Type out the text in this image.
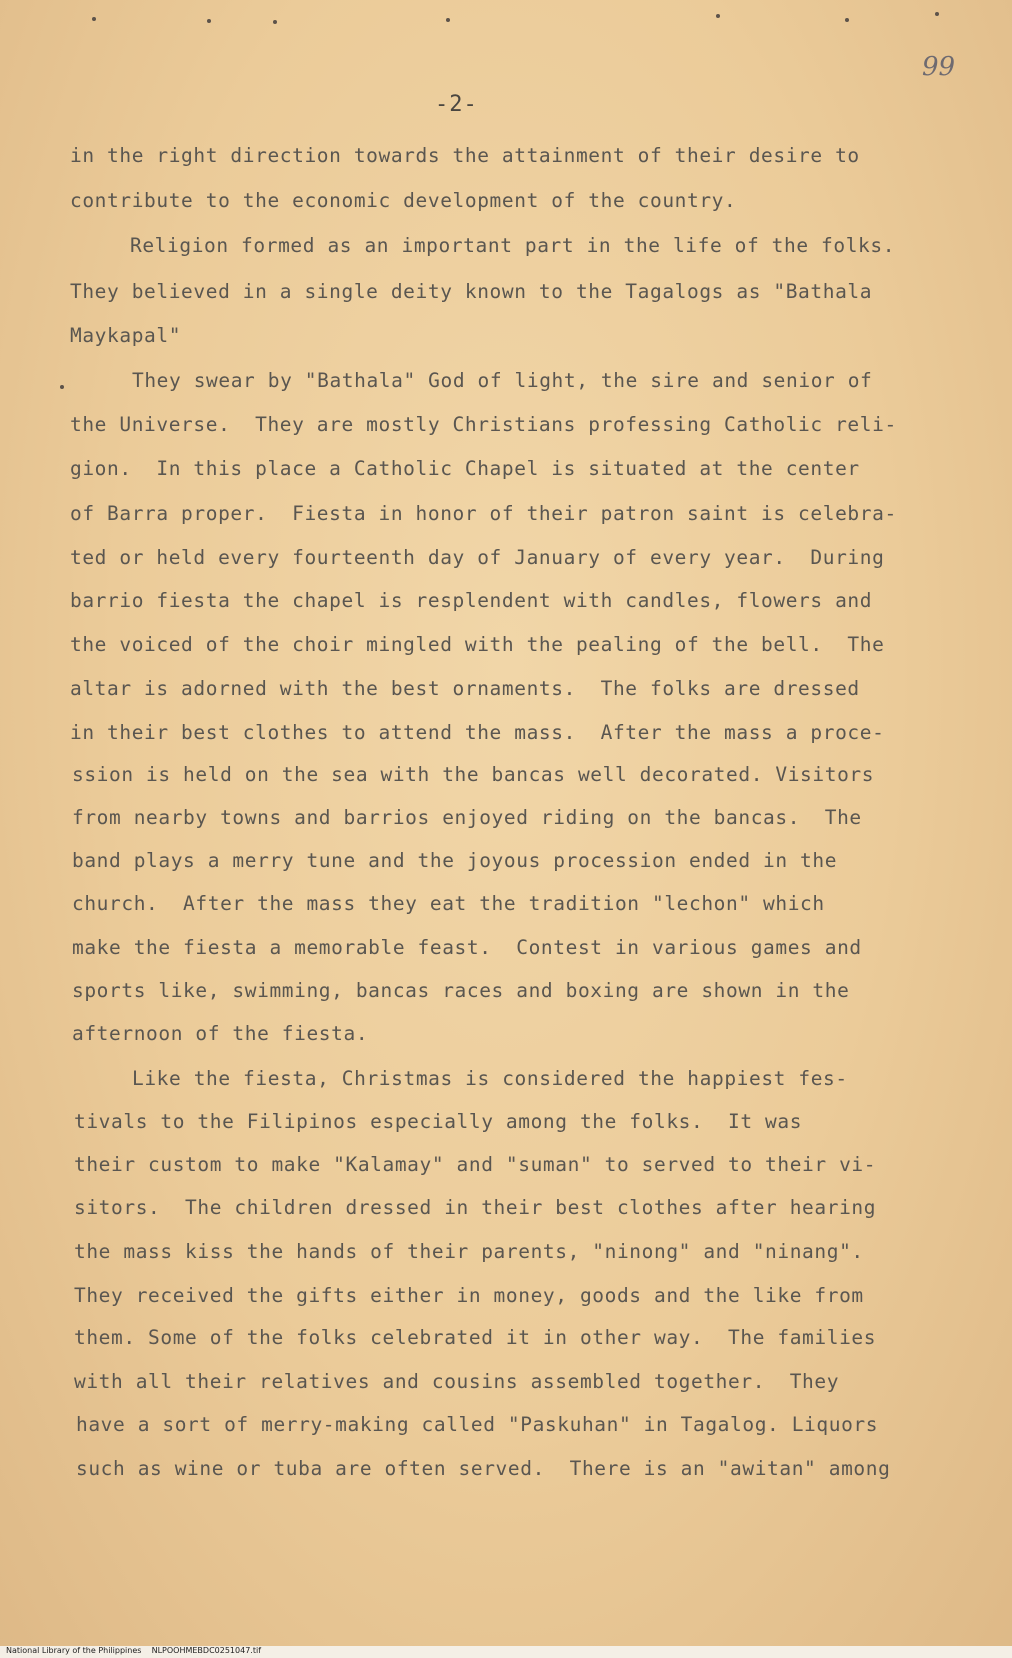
-2-
99
in the right direction towards the attainment of their desire to
contribute to the economic development of the country.
Religion formed as an important part in the life of the folks.
They believed in a single deity known to the Tagalogs as "Bathala
Maykapal"
They swear by "Bathala" God of light, the sire and senior of
the Universe.  They are mostly Christians professing Catholic reli-
gion.  In this place a Catholic Chapel is situated at the center
of Barra proper.  Fiesta in honor of their patron saint is celebra-
ted or held every fourteenth day of January of every year.  During
barrio fiesta the chapel is resplendent with candles, flowers and
the voiced of the choir mingled with the pealing of the bell.  The
altar is adorned with the best ornaments.  The folks are dressed
in their best clothes to attend the mass.  After the mass a proce-
ssion is held on the sea with the bancas well decorated. Visitors
from nearby towns and barrios enjoyed riding on the bancas.  The
band plays a merry tune and the joyous procession ended in the
church.  After the mass they eat the tradition "lechon" which
make the fiesta a memorable feast.  Contest in various games and
sports like, swimming, bancas races and boxing are shown in the
afternoon of the fiesta.
Like the fiesta, Christmas is considered the happiest fes-
tivals to the Filipinos especially among the folks.  It was
their custom to make "Kalamay" and "suman" to served to their vi-
sitors.  The children dressed in their best clothes after hearing
the mass kiss the hands of their parents, "ninong" and "ninang".
They received the gifts either in money, goods and the like from
them. Some of the folks celebrated it in other way.  The families
with all their relatives and cousins assembled together.  They
have a sort of merry-making called "Paskuhan" in Tagalog. Liquors
such as wine or tuba are often served.  There is an "awitan" among
National Library of the Philippines    NLPOOHMEBDC0251047.tif
